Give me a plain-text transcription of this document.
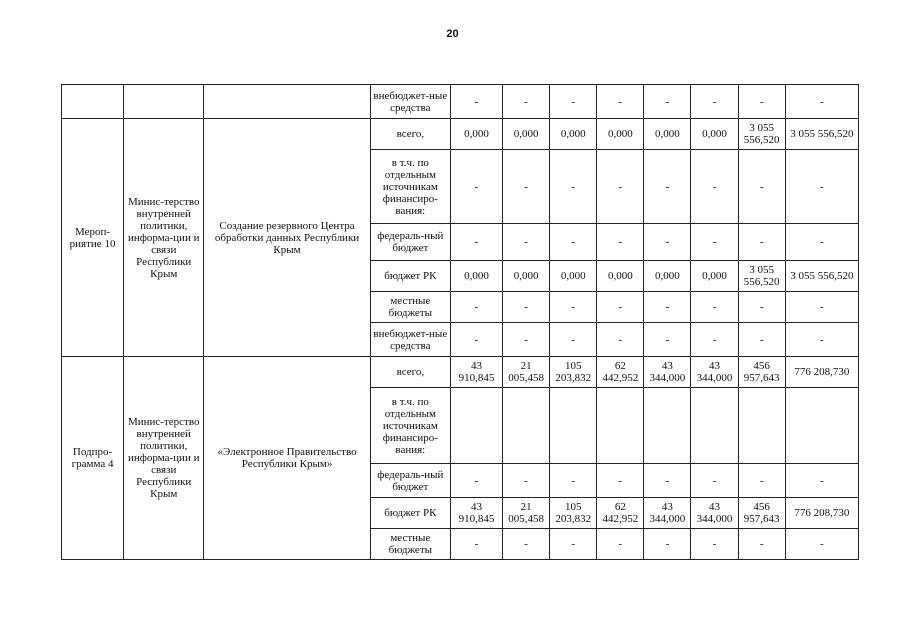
20
			внебюджет-ные средства	-	-	-	-	-	-	-	-
Мероп-риятие 10	Минис-терство внутренней политики, информа-ции и связи Республики Крым	Создание резервного Центра обработки данных Республики Крым	всего,	0,000	0,000	0,000	0,000	0,000	0,000	3 055 556,520	3 055 556,520
			в т.ч. по отдельным источникам финансиро-вания:	-	-	-	-	-	-	-	-
			федераль-ный бюджет	-	-	-	-	-	-	-	-
			бюджет РК	0,000	0,000	0,000	0,000	0,000	0,000	3 055 556,520	3 055 556,520
			местные бюджеты	-	-	-	-	-	-	-	-
			внебюджет-ные средства	-	-	-	-	-	-	-	-
Подпро-грамма 4	Минис-терство внутренней политики, информа-ции и связи Республики Крым	«Электронное Правительство Республики Крым»	всего,	43 910,845	21 005,458	105 203,832	62 442,952	43 344,000	43 344,000	456 957,643	776 208,730
			в т.ч. по отдельным источникам финансиро-вания:								
			федераль-ный бюджет	-	-	-	-	-	-	-	-
			бюджет РК	43 910,845	21 005,458	105 203,832	62 442,952	43 344,000	43 344,000	456 957,643	776 208,730
			местные бюджеты	-	-	-	-	-	-	-	-
